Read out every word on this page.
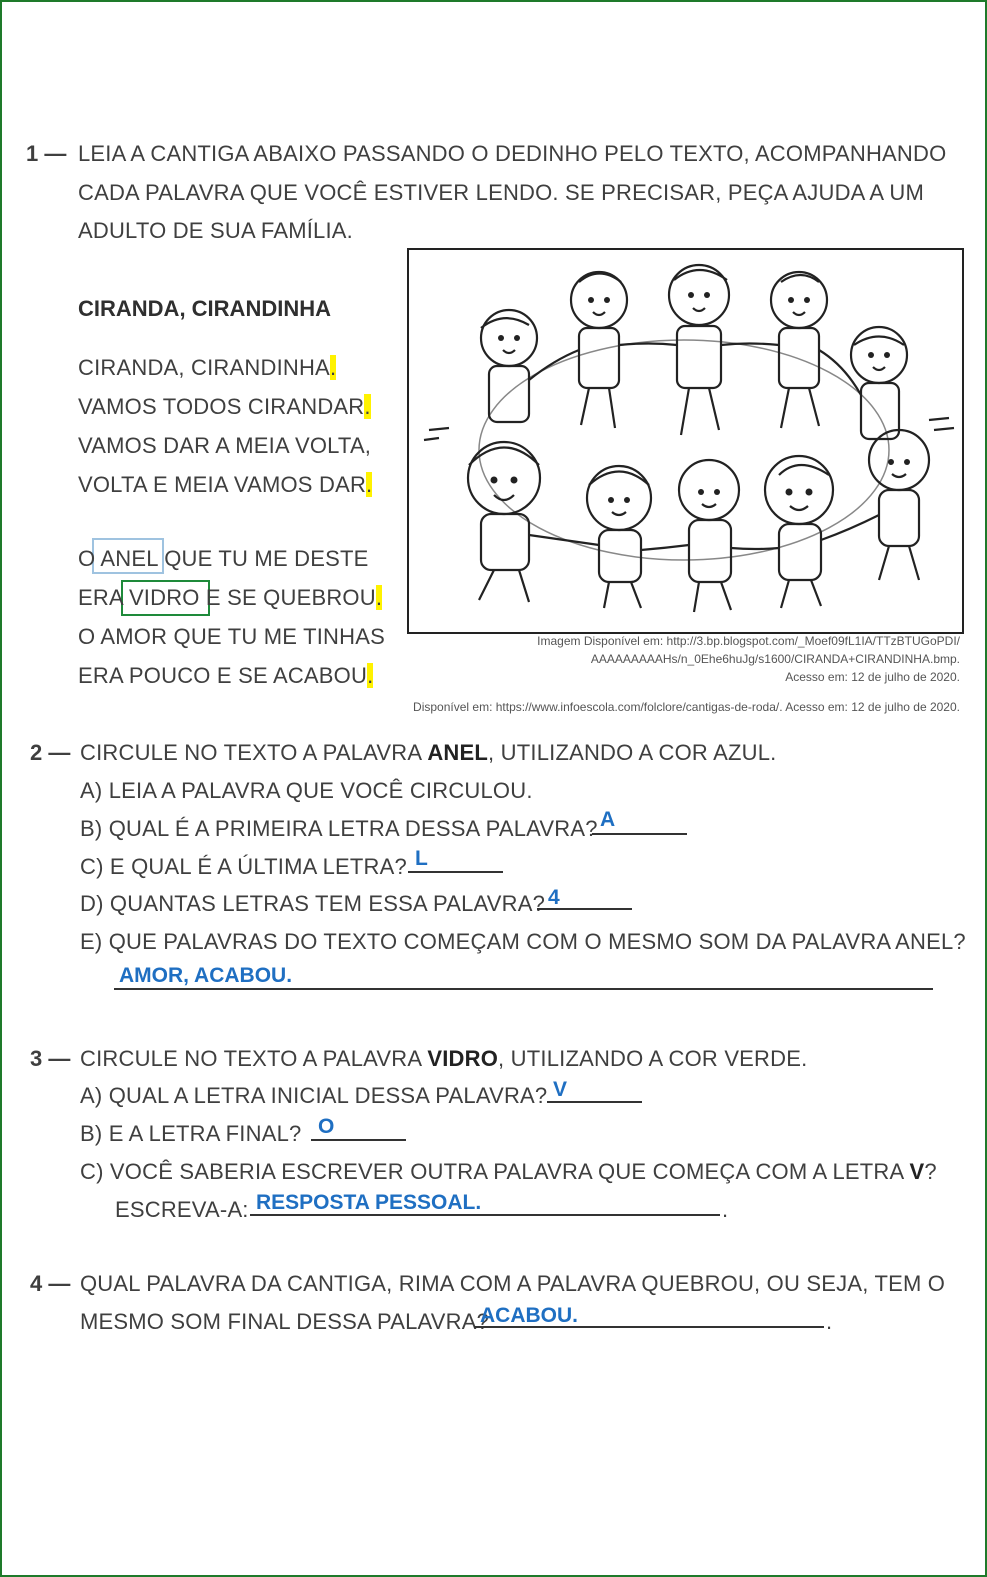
1 — LEIA A CANTIGA ABAIXO PASSANDO O DEDINHO PELO TEXTO, ACOMPANHANDO
CADA PALAVRA QUE VOCÊ ESTIVER LENDO. SE PRECISAR, PEÇA AJUDA A UM
ADULTO DE SUA FAMÍLIA.
CIRANDA, CIRANDINHA
CIRANDA, CIRANDINHA.
VAMOS TODOS CIRANDAR.
VAMOS DAR A MEIA VOLTA,
VOLTA E MEIA VAMOS DAR.
O ANEL QUE TU ME DESTE
ERA VIDRO E SE QUEBROU.
O AMOR QUE TU ME TINHAS
ERA POUCO E SE ACABOU.
Imagem Disponível em: http://3.bp.blogspot.com/_Moef09fL1IA/TTzBTUGoPDI/
AAAAAAAAAHs/n_0Ehe6huJg/s1600/CIRANDA+CIRANDINHA.bmp.
Acesso em: 12 de julho de 2020.
Disponível em: https://www.infoescola.com/folclore/cantigas-de-roda/. Acesso em: 12 de julho de 2020.
2 — CIRCULE NO TEXTO A PALAVRA ANEL, UTILIZANDO A COR AZUL.
A) LEIA A PALAVRA QUE VOCÊ CIRCULOU.
B) QUAL É A PRIMEIRA LETRA DESSA PALAVRA? A
C) E QUAL É A ÚLTIMA LETRA? L
D) QUANTAS LETRAS TEM ESSA PALAVRA? 4
E) QUE PALAVRAS DO TEXTO COMEÇAM COM O MESMO SOM DA PALAVRA ANEL?
AMOR, ACABOU.
3 — CIRCULE NO TEXTO A PALAVRA VIDRO, UTILIZANDO A COR VERDE.
A) QUAL A LETRA INICIAL DESSA PALAVRA? V
B) E A LETRA FINAL? O
C) VOCÊ SABERIA ESCREVER OUTRA PALAVRA QUE COMEÇA COM A LETRA V?
ESCREVA-A: RESPOSTA PESSOAL.	.
4 — QUAL PALAVRA DA CANTIGA, RIMA COM A PALAVRA QUEBROU, OU SEJA, TEM O
MESMO SOM FINAL DESSA PALAVRA?
ACABOU.	.
